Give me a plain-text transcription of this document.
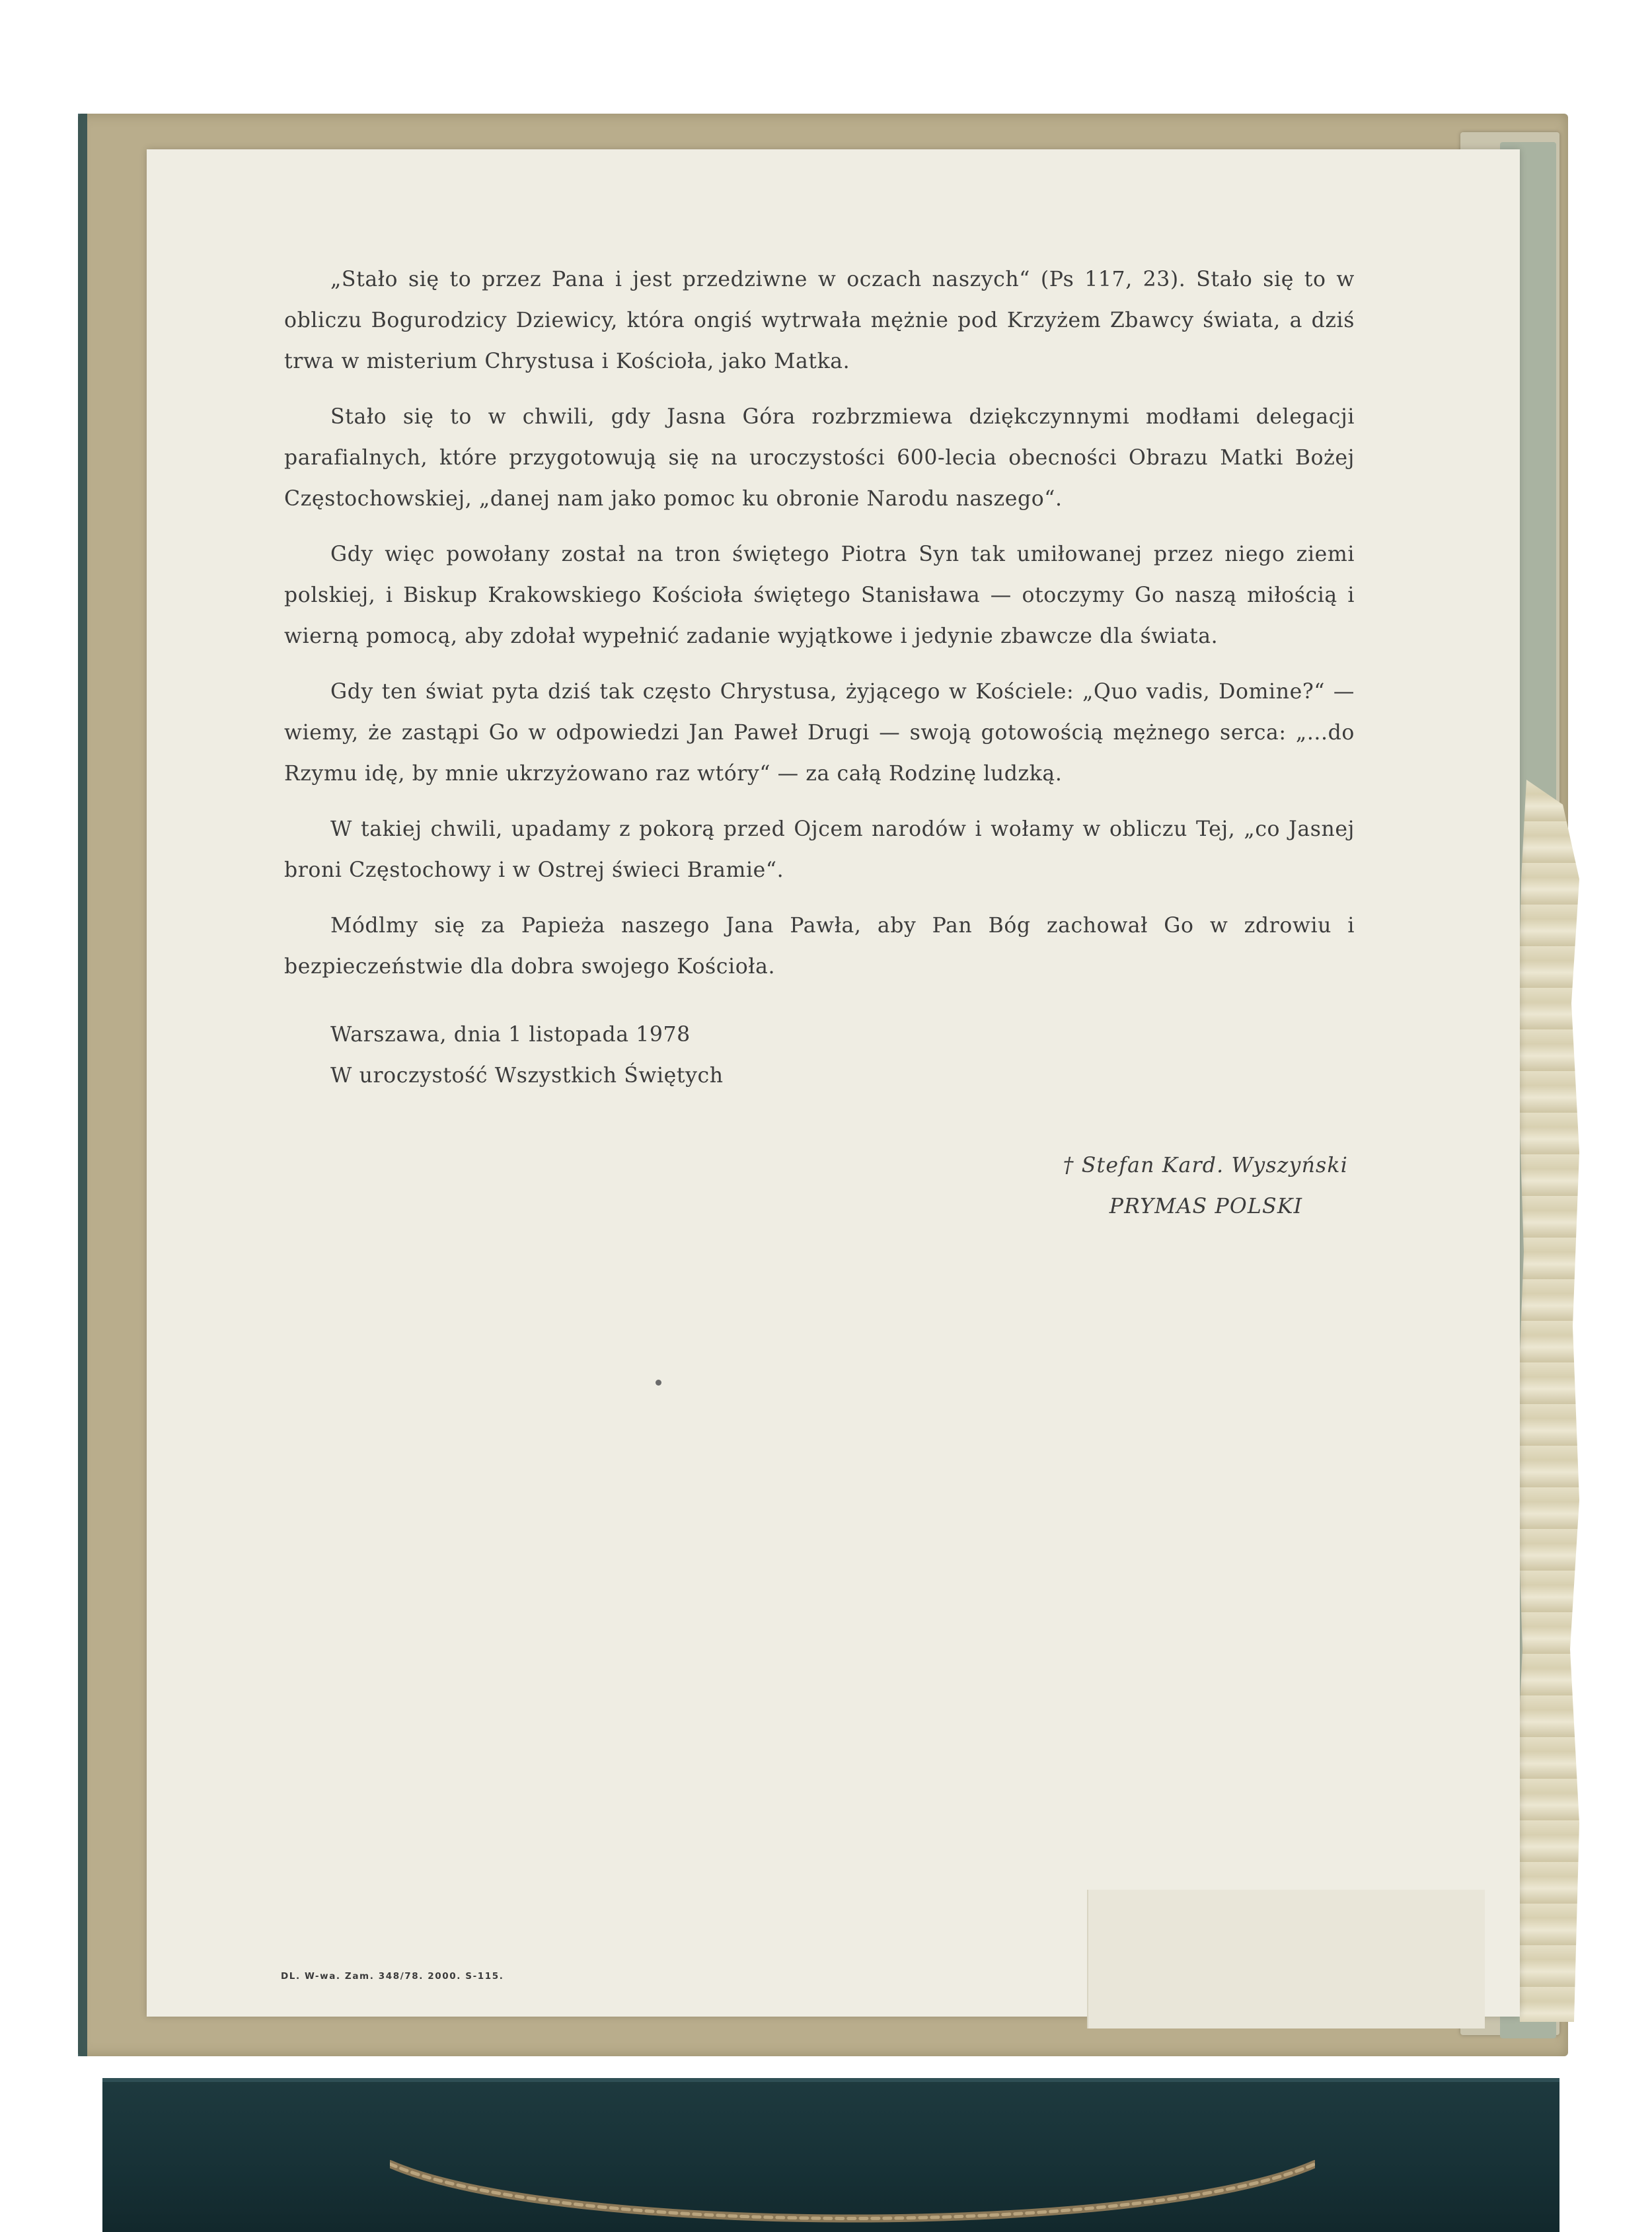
„Stało się to przez Pana i jest przedziwne w oczach naszych“ (Ps 117, 23). Stało się to w obliczu Bogurodzicy Dziewicy, która ongiś wytrwała mężnie pod Krzyżem Zbawcy świata, a dziś trwa w misterium Chrystusa i Kościoła, jako Matka.

Stało się to w chwili, gdy Jasna Góra rozbrzmiewa dziękczynnymi modłami delegacji parafialnych, które przygotowują się na uroczystości 600-lecia obecności Obrazu Matki Bożej Częstochowskiej, „danej nam jako pomoc ku obronie Narodu naszego“.

Gdy więc powołany został na tron świętego Piotra Syn tak umiłowanej przez niego ziemi polskiej, i Biskup Krakowskiego Kościoła świętego Stanisława — otoczymy Go naszą miłością i wierną pomocą, aby zdołał wypełnić zadanie wyjątkowe i jedynie zbawcze dla świata.

Gdy ten świat pyta dziś tak często Chrystusa, żyjącego w Kościele: „Quo vadis, Domine?“ — wiemy, że zastąpi Go w odpowiedzi Jan Paweł Drugi — swoją gotowością mężnego serca: „...do Rzymu idę, by mnie ukrzyżowano raz wtóry“ — za całą Rodzinę ludzką.

W takiej chwili, upadamy z pokorą przed Ojcem narodów i wołamy w obliczu Tej, „co Jasnej broni Częstochowy i w Ostrej świeci Bramie“.

Módlmy się za Papieża naszego Jana Pawła, aby Pan Bóg zachował Go w zdrowiu i bezpieczeństwie dla dobra swojego Kościoła.

Warszawa, dnia 1 listopada 1978
W uroczystość Wszystkich Świętych
† Stefan Kard. Wyszyński
PRYMAS POLSKI
DL. W-wa. Zam. 348/78. 2000. S-115.
